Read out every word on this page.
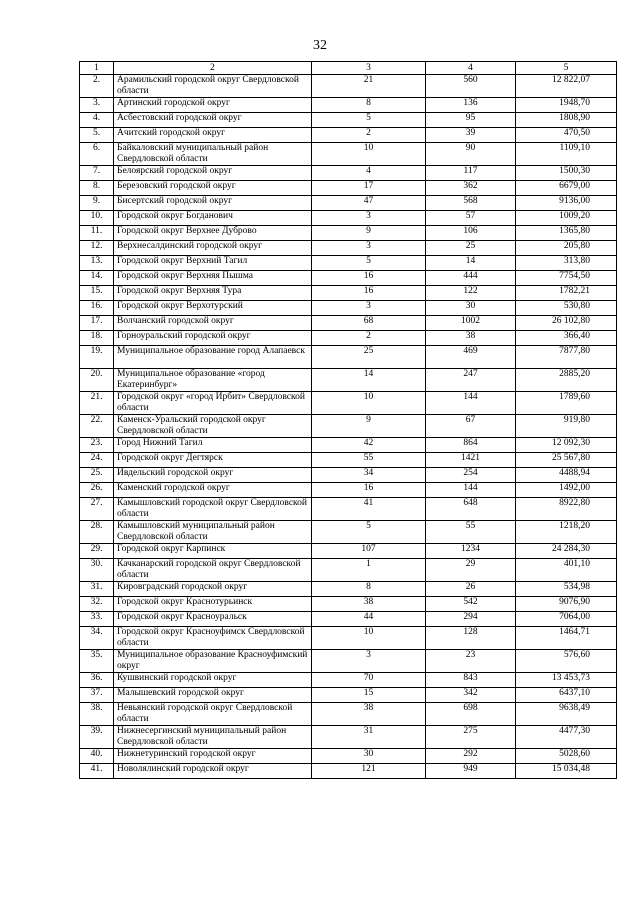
32
1	2	3	4	5
2.	Арамильский городской округ Свердловской области	21	560	12 822,07
3.	Артинский городской округ	8	136	1948,70
4.	Асбестовский городской округ	5	95	1808,90
5.	Ачитский городской округ	2	39	470,50
6.	Байкаловский муниципальный район Свердловской области	10	90	1109,10
7.	Белоярский городской округ	4	117	1500,30
8.	Березовский городской округ	17	362	6679,00
9.	Бисертский городской округ	47	568	9136,00
10.	Городской округ Богданович	3	57	1009,20
11.	Городской округ Верхнее Дуброво	9	106	1365,80
12.	Верхнесалдинский городской округ	3	25	205,80
13.	Городской округ Верхний Тагил	5	14	313,80
14.	Городской округ Верхняя Пышма	16	444	7754,50
15.	Городской округ Верхняя Тура	16	122	1782,21
16.	Городской округ Верхотурский	3	30	530,80
17.	Волчанский городской округ	68	1002	26 102,80
18.	Горноуральский городской округ	2	38	366,40
19.	Муниципальное образование город Алапаевск	25	469	7877,80
20.	Муниципальное образование «город Екатеринбург»	14	247	2885,20
21.	Городской округ «город Ирбит» Свердловской области	10	144	1789,60
22.	Каменск-Уральский городской округ Свердловской области	9	67	919,80
23.	Город Нижний Тагил	42	864	12 092,30
24.	Городской округ Дегтярск	55	1421	25 567,80
25.	Ивдельский городской округ	34	254	4488,94
26.	Каменский городской округ	16	144	1492,00
27.	Камышловский городской округ Свердловской области	41	648	8922,80
28.	Камышловский муниципальный район Свердловской области	5	55	1218,20
29.	Городской округ Карпинск	107	1234	24 284,30
30.	Качканарский городской округ Свердловской области	1	29	401,10
31.	Кировградский городской округ	8	26	534,98
32.	Городской округ Краснотурьинск	38	542	9076,90
33.	Городской округ Красноуральск	44	294	7064,00
34.	Городской округ Красноуфимск Свердловской области	10	128	1464,71
35.	Муниципальное образование Красноуфимский округ	3	23	576,60
36.	Кушвинский городской округ	70	843	13 453,73
37.	Малышевский городской округ	15	342	6437,10
38.	Невьянский городской округ Свердловской области	38	698	9638,49
39.	Нижнесергинский муниципальный район Свердловской области	31	275	4477,30
40.	Нижнетуринский городской округ	30	292	5028,60
41.	Новолялинский городской округ	121	949	15 034,48
